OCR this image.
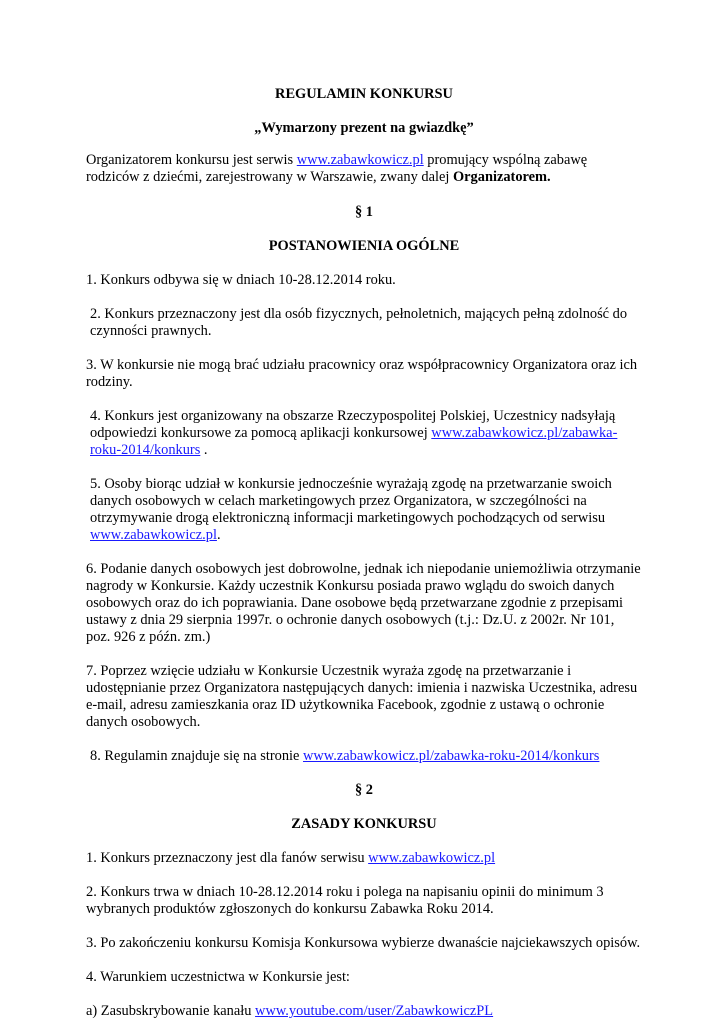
REGULAMIN KONKURSU

„Wymarzony prezent na gwiazdkę”

Organizatorem konkursu jest serwis www.zabawkowicz.pl promujący wspólną zabawę rodziców z dziećmi, zarejestrowany w Warszawie, zwany dalej Organizatorem.

§ 1

POSTANOWIENIA OGÓLNE

1. Konkurs odbywa się w dniach 10-28.12.2014 roku.

2. Konkurs przeznaczony jest dla osób fizycznych, pełnoletnich, mających pełną zdolność do czynności prawnych.

3. W konkursie nie mogą brać udziału pracownicy oraz współpracownicy Organizatora oraz ich rodziny.

4. Konkurs jest organizowany na obszarze Rzeczypospolitej Polskiej, Uczestnicy nadsyłają odpowiedzi konkursowe za pomocą aplikacji konkursowej www.zabawkowicz.pl/zabawka-roku-2014/konkurs .

5. Osoby biorąc udział w konkursie jednocześnie wyrażają zgodę na przetwarzanie swoich danych osobowych w celach marketingowych przez Organizatora, w szczególności na otrzymywanie drogą elektroniczną informacji marketingowych pochodzących od serwisu www.zabawkowicz.pl.

6. Podanie danych osobowych jest dobrowolne, jednak ich niepodanie uniemożliwia otrzymanie nagrody w Konkursie. Każdy uczestnik Konkursu posiada prawo wglądu do swoich danych osobowych oraz do ich poprawiania. Dane osobowe będą przetwarzane zgodnie z przepisami ustawy z dnia 29 sierpnia 1997r. o ochronie danych osobowych (t.j.: Dz.U. z 2002r. Nr 101, poz. 926 z późn. zm.)

7. Poprzez wzięcie udziału w Konkursie Uczestnik wyraża zgodę na przetwarzanie i udostępnianie przez Organizatora następujących danych: imienia i nazwiska Uczestnika, adresu e-mail, adresu zamieszkania oraz ID użytkownika Facebook, zgodnie z ustawą o ochronie danych osobowych.

8. Regulamin znajduje się na stronie www.zabawkowicz.pl/zabawka-roku-2014/konkurs

§ 2

ZASADY KONKURSU

1. Konkurs przeznaczony jest dla fanów serwisu www.zabawkowicz.pl

2. Konkurs trwa w dniach 10-28.12.2014 roku i polega na napisaniu opinii do minimum 3 wybranych produktów zgłoszonych do konkursu Zabawka Roku 2014.

3. Po zakończeniu konkursu Komisja Konkursowa wybierze dwanaście najciekawszych opisów.

4. Warunkiem uczestnictwa w Konkursie jest:

a) Zasubskrybowanie kanału www.youtube.com/user/ZabawkowiczPL
